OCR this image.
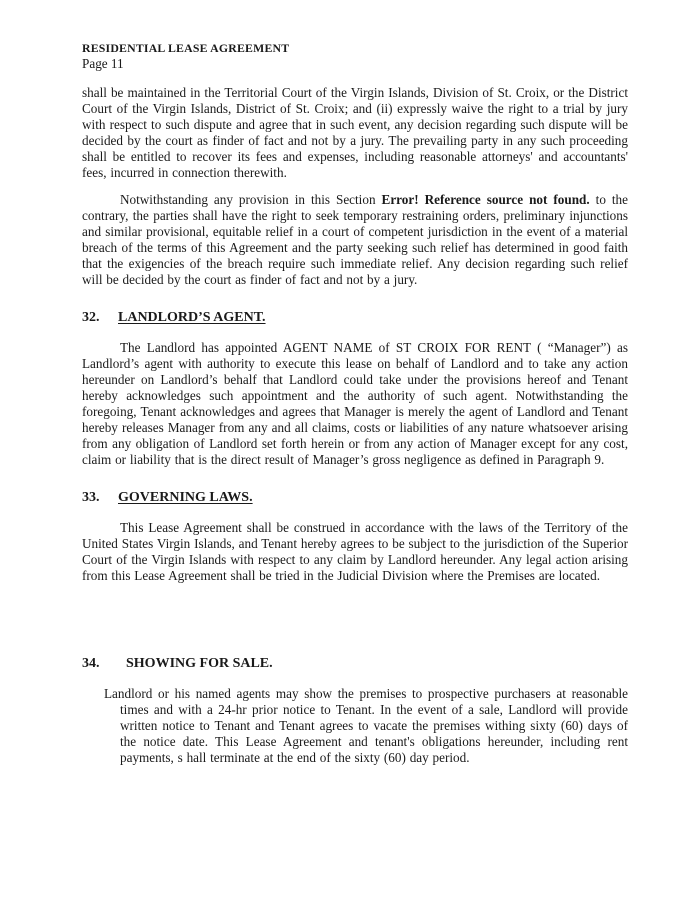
RESIDENTIAL LEASE AGREEMENT
Page 11

shall be maintained in the Territorial Court of the Virgin Islands, Division of St. Croix, or the District Court of the Virgin Islands, District of St. Croix; and (ii) expressly waive the right to a trial by jury with respect to such dispute and agree that in such event, any decision regarding such dispute will be decided by the court as finder of fact and not by a jury. The prevailing party in any such proceeding shall be entitled to recover its fees and expenses, including reasonable attorneys' and accountants' fees, incurred in connection therewith.

Notwithstanding any provision in this Section Error! Reference source not found. to the contrary, the parties shall have the right to seek temporary restraining orders, preliminary injunctions and similar provisional, equitable relief in a court of competent jurisdiction in the event of a material breach of the terms of this Agreement and the party seeking such relief has determined in good faith that the exigencies of the breach require such immediate relief. Any decision regarding such relief will be decided by the court as finder of fact and not by a jury.

32.	LANDLORD’S AGENT.

The Landlord has appointed AGENT NAME of ST CROIX FOR RENT ( “Manager”) as Landlord’s agent with authority to execute this lease on behalf of Landlord and to take any action hereunder on Landlord’s behalf that Landlord could take under the provisions hereof and Tenant hereby acknowledges such appointment and the authority of such agent. Notwithstanding the foregoing, Tenant acknowledges and agrees that Manager is merely the agent of Landlord and Tenant hereby releases Manager from any and all claims, costs or liabilities of any nature whatsoever arising from any obligation of Landlord set forth herein or from any action of Manager except for any cost, claim or liability that is the direct result of Manager’s gross negligence as defined in Paragraph 9.

33.	GOVERNING LAWS.

This Lease Agreement shall be construed in accordance with the laws of the Territory of the United States Virgin Islands, and Tenant hereby agrees to be subject to the jurisdiction of the Superior Court of the Virgin Islands with respect to any claim by Landlord hereunder. Any legal action arising from this Lease Agreement shall be tried in the Judicial Division where the Premises are located.

34.	SHOWING FOR SALE.

Landlord or his named agents may show the premises to prospective purchasers at reasonable times and with a 24-hr prior notice to Tenant. In the event of a sale, Landlord will provide written notice to Tenant and Tenant agrees to vacate the premises withing sixty (60) days of the notice date. This Lease Agreement and tenant's obligations hereunder, including rent payments, s hall terminate at the end of the sixty (60) day period.
